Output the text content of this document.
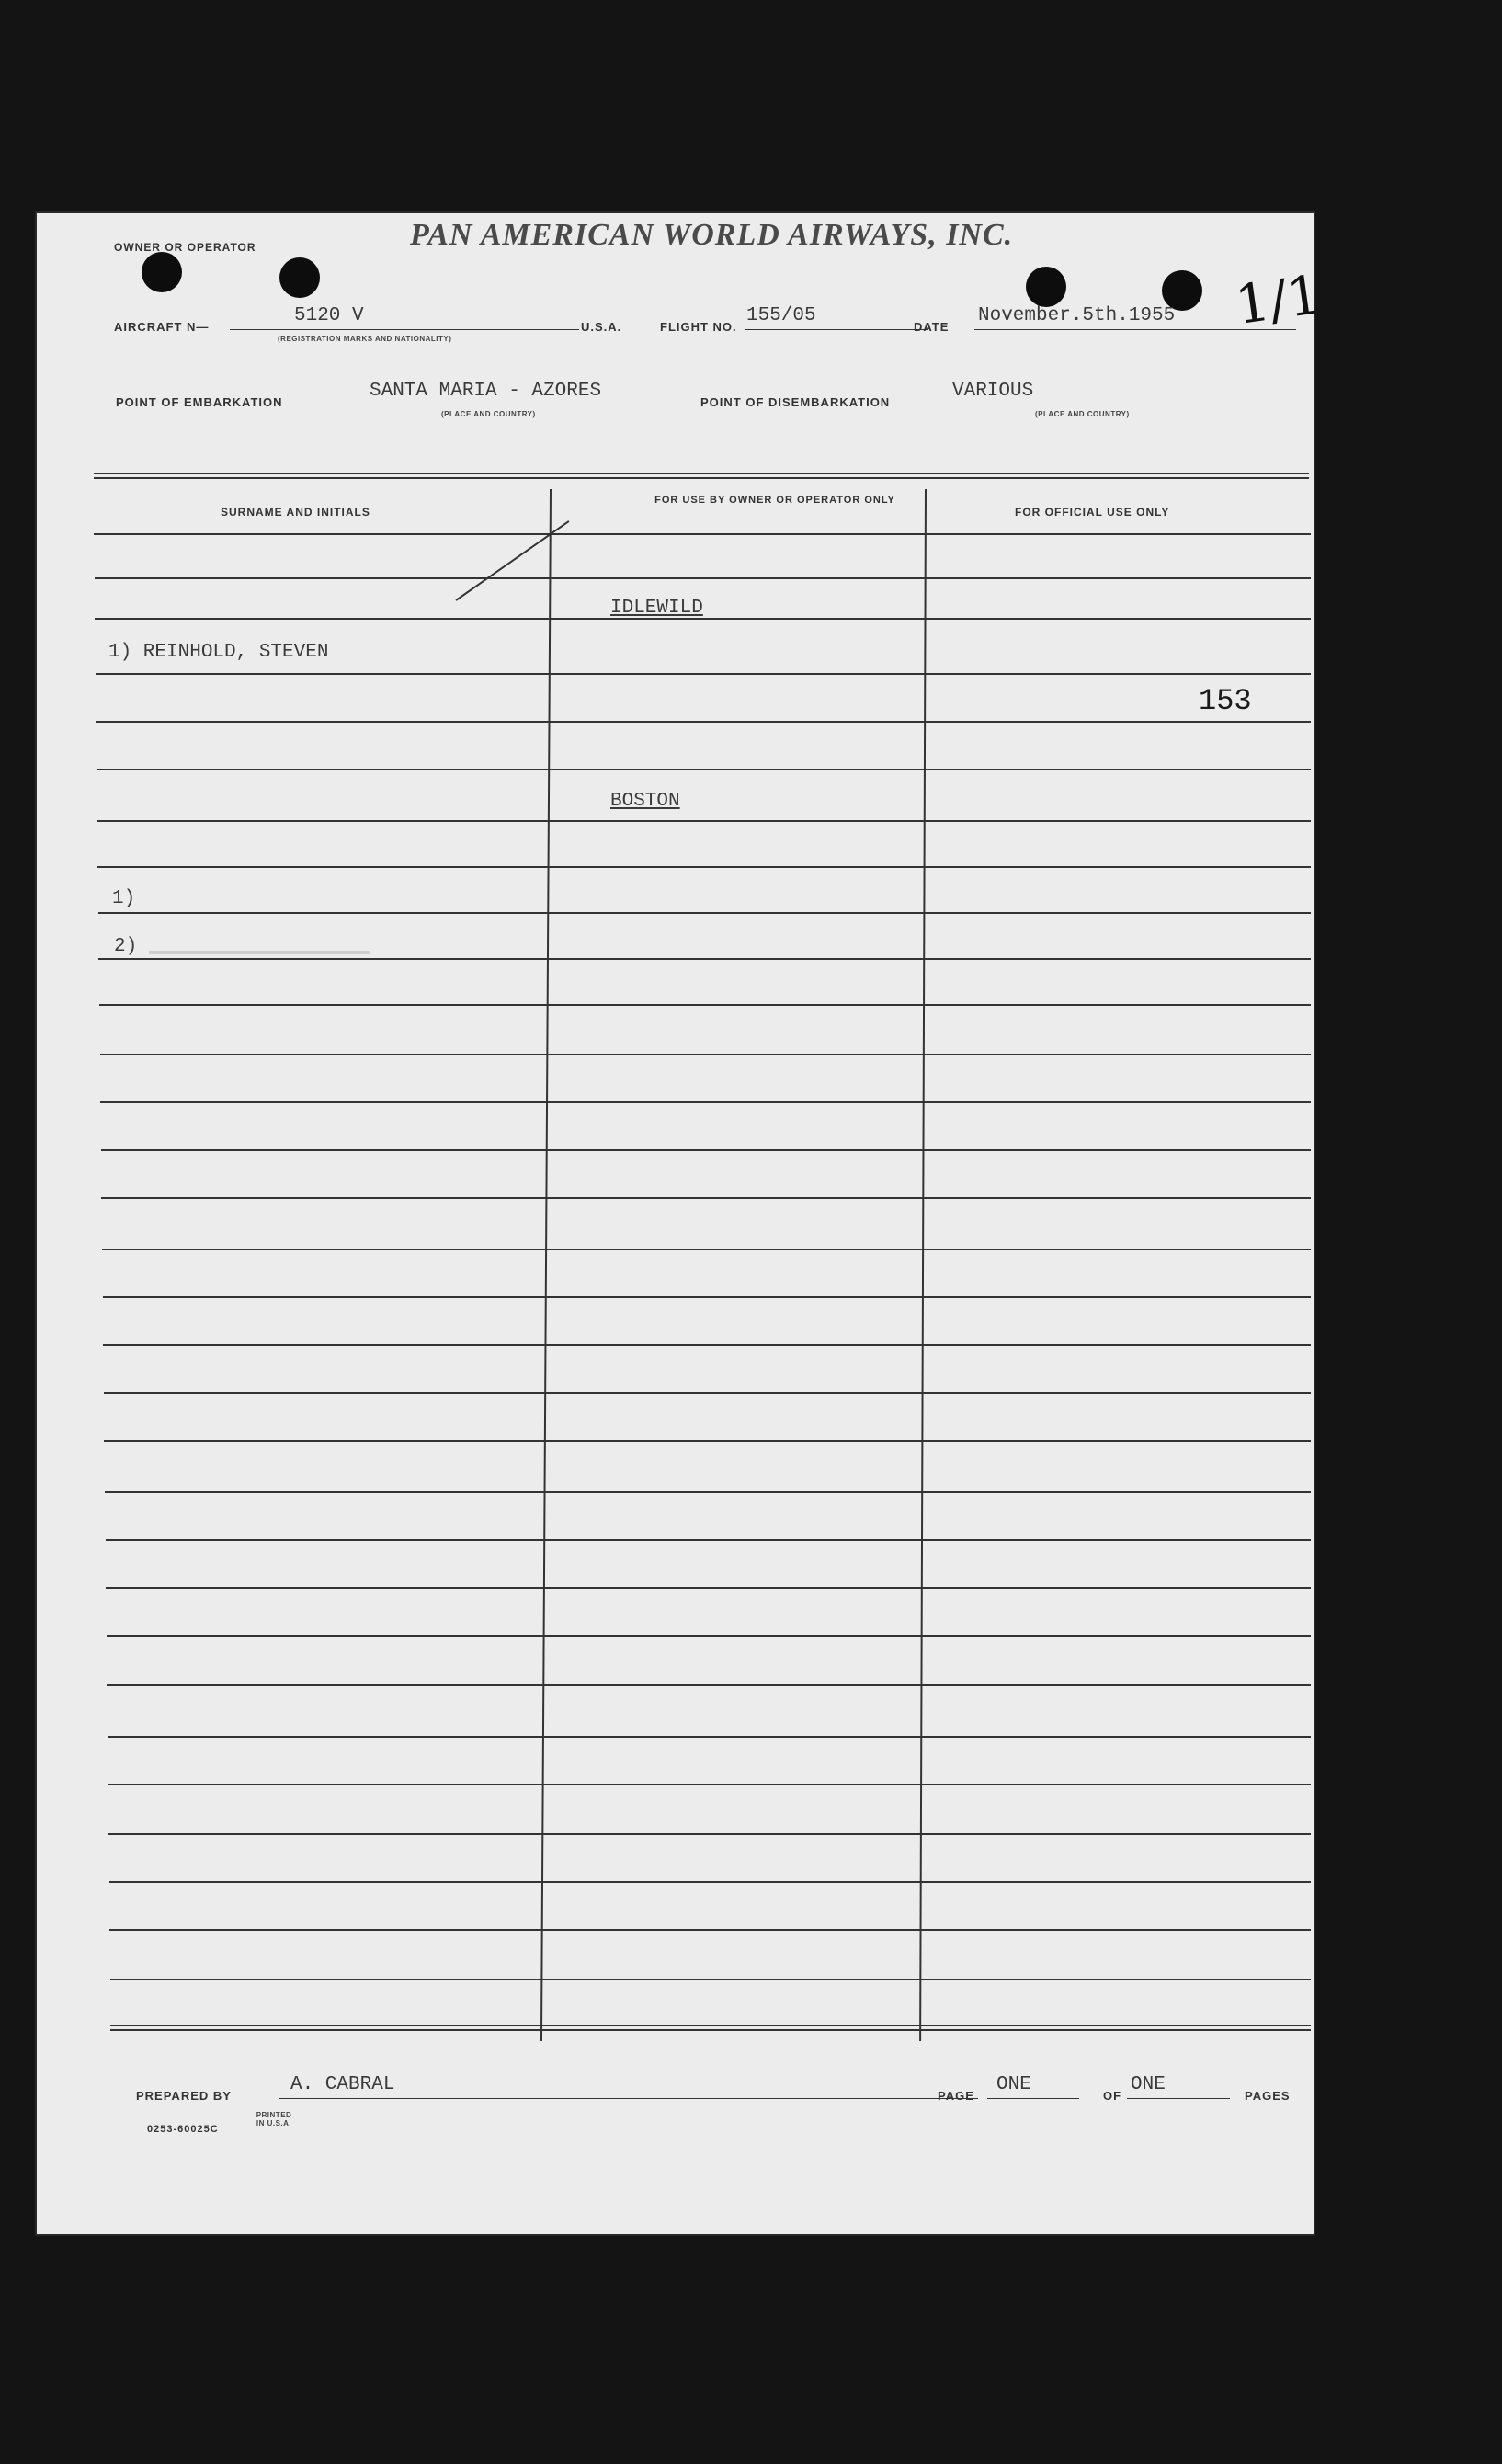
OWNER OR OPERATOR	PAN AMERICAN WORLD AIRWAYS, INC.
AIRCRAFT N—
5120 V
(REGISTRATION MARKS AND NATIONALITY)
U.S.A.	FLIGHT NO.
155/05
DATE
November.5th.1955 1/1
POINT OF EMBARKATION
SANTA MARIA - AZORES
(PLACE AND COUNTRY)
POINT OF DISEMBARKATION
VARIOUS
(PLACE AND COUNTRY)
SURNAME AND INITIALS
FOR USE BY OWNER OR OPERATOR ONLY
FOR OFFICIAL USE ONLY
IDLEWILD
1) REINHOLD, STEVEN
153
BOSTON
1)
2)
PREPARED BY
A. CABRAL
PAGE
ONE
OF
ONE
PAGES
0253-60025C
PRINTED IN U.S.A.
